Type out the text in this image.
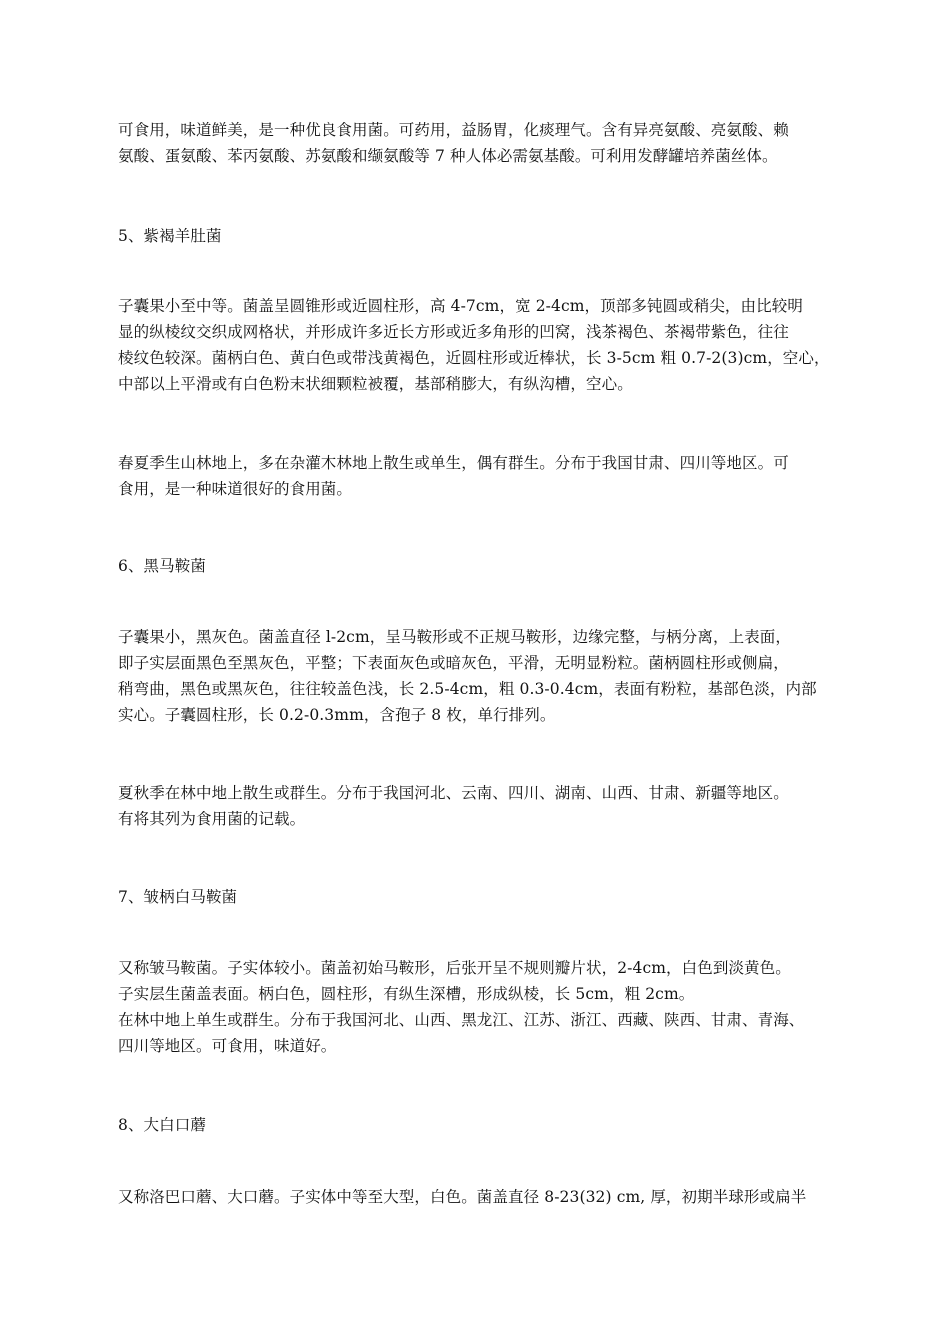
可食用，味道鲜美，是一种优良食用菌。可药用，益肠胃，化痰理气。含有异亮氨酸、亮氨酸、赖
氨酸、蛋氨酸、苯丙氨酸、苏氨酸和缬氨酸等 7 种人体必需氨基酸。可利用发酵罐培养菌丝体。
5、紫褐羊肚菌
子囊果小至中等。菌盖呈圆锥形或近圆柱形，高 4-7cm，宽 2-4cm，顶部多钝圆或稍尖，由比较明
显的纵棱纹交织成网格状，并形成许多近长方形或近多角形的凹窝，浅茶褐色、茶褐带紫色，往往
棱纹色较深。菌柄白色、黄白色或带浅黄褐色，近圆柱形或近棒状，长 3-5cm 粗 0.7-2(3)cm，空心，
中部以上平滑或有白色粉末状细颗粒被覆，基部稍膨大，有纵沟槽，空心。
春夏季生山林地上，多在杂灌木林地上散生或单生，偶有群生。分布于我国甘肃、四川等地区。可
食用，是一种味道很好的食用菌。
6、黑马鞍菌
子囊果小，黑灰色。菌盖直径 l-2cm，呈马鞍形或不正规马鞍形，边缘完整，与柄分离，上表面，
即子实层面黑色至黑灰色，平整；下表面灰色或暗灰色，平滑，无明显粉粒。菌柄圆柱形或侧扁，
稍弯曲，黑色或黑灰色，往往较盖色浅，长 2.5-4cm，粗 0.3-0.4cm，表面有粉粒，基部色淡，内部
实心。子囊圆柱形，长 0.2-0.3mm，含孢子 8 枚，单行排列。
夏秋季在林中地上散生或群生。分布于我国河北、云南、四川、湖南、山西、甘肃、新疆等地区。
有将其列为食用菌的记载。
7、皱柄白马鞍菌
又称皱马鞍菌。子实体较小。菌盖初始马鞍形，后张开呈不规则瓣片状，2-4cm，白色到淡黄色。
子实层生菌盖表面。柄白色，圆柱形，有纵生深槽，形成纵棱，长 5cm，粗 2cm。
在林中地上单生或群生。分布于我国河北、山西、黑龙江、江苏、浙江、西藏、陕西、甘肃、青海、
四川等地区。可食用，味道好。
8、大白口蘑
又称洛巴口蘑、大口蘑。子实体中等至大型，白色。菌盖直径 8-23(32) cm, 厚，初期半球形或扁半
